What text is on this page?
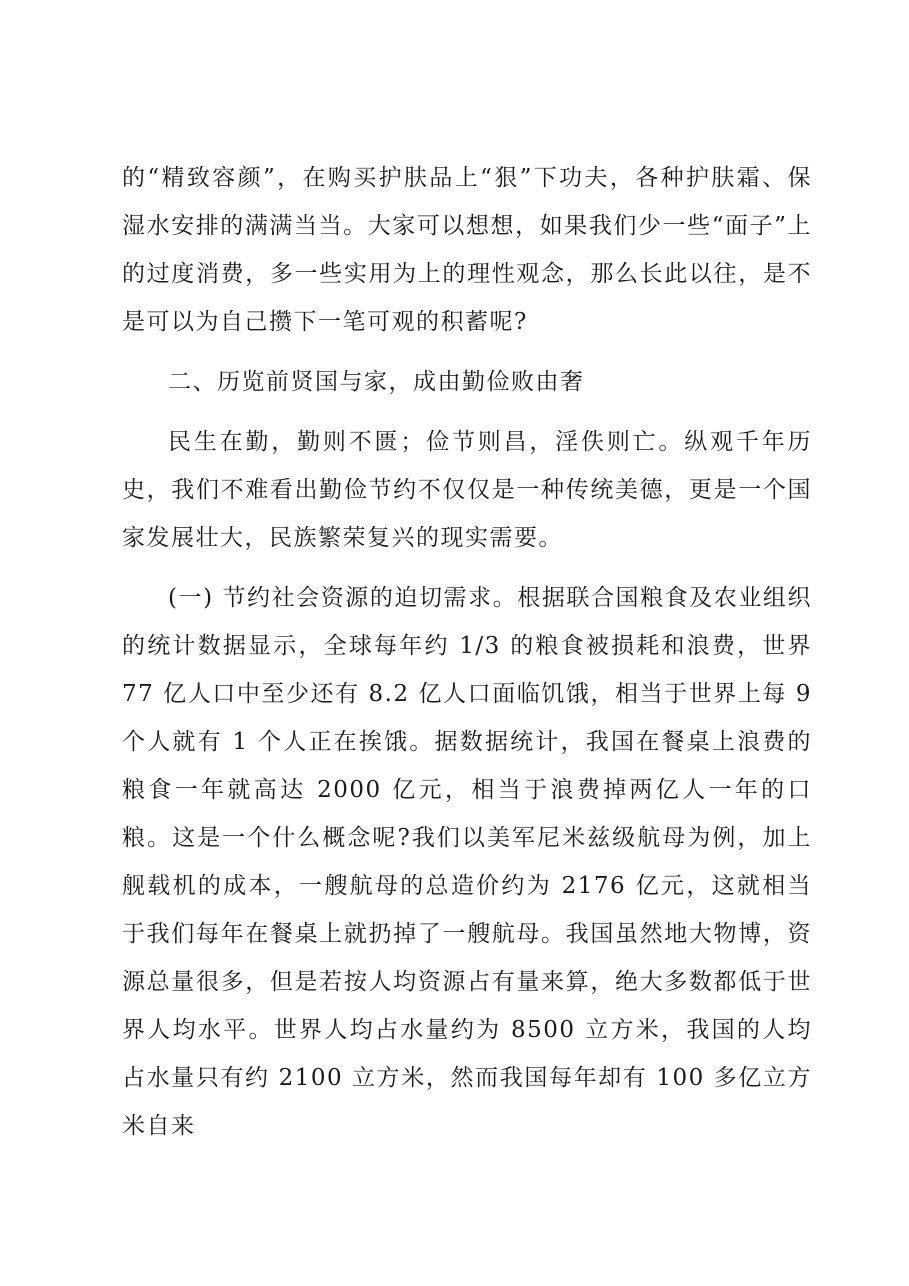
的“精致容颜”，在购买护肤品上“狠”下功夫，各种护肤霜、保湿水安排的满满当当。大家可以想想，如果我们少一些“面子”上的过度消费，多一些实用为上的理性观念，那么长此以往，是不是可以为自己攒下一笔可观的积蓄呢?

二、历览前贤国与家，成由勤俭败由奢

民生在勤，勤则不匮；俭节则昌，淫佚则亡。纵观千年历史，我们不难看出勤俭节约不仅仅是一种传统美德，更是一个国家发展壮大，民族繁荣复兴的现实需要。

(一) 节约社会资源的迫切需求。根据联合国粮食及农业组织的统计数据显示，全球每年约 1/3 的粮食被损耗和浪费，世界 77 亿人口中至少还有 8.2 亿人口面临饥饿，相当于世界上每 9 个人就有 1 个人正在挨饿。据数据统计，我国在餐桌上浪费的粮食一年就高达 2000 亿元，相当于浪费掉两亿人一年的口粮。这是一个什么概念呢?我们以美军尼米兹级航母为例，加上舰载机的成本，一艘航母的总造价约为 2176 亿元，这就相当于我们每年在餐桌上就扔掉了一艘航母。我国虽然地大物博，资源总量很多，但是若按人均资源占有量来算，绝大多数都低于世界人均水平。世界人均占水量约为 8500 立方米，我国的人均占水量只有约 2100 立方米，然而我国每年却有 100 多亿立方米自来
